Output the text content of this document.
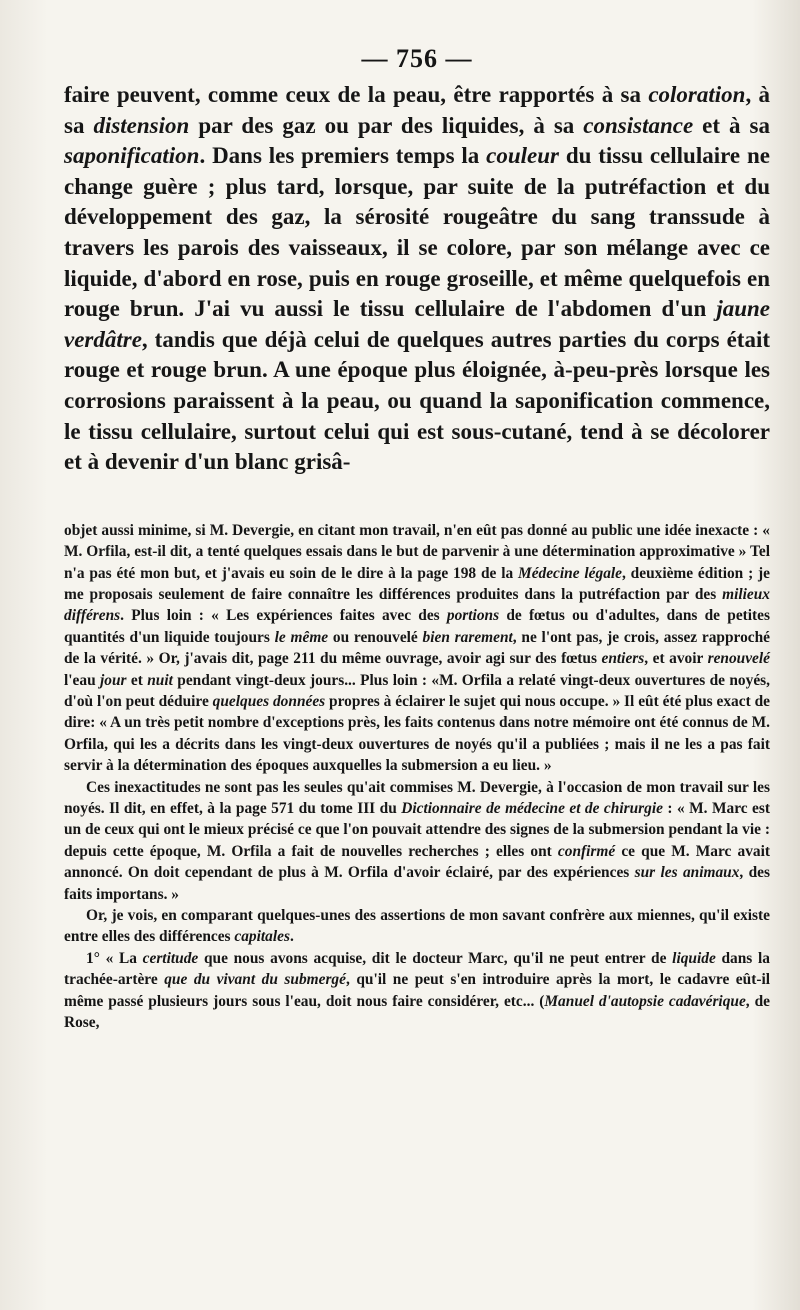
— 756 —

faire peuvent, comme ceux de la peau, être rapportés à sa coloration, à sa distension par des gaz ou par des liquides, à sa consistance et à sa saponification. Dans les premiers temps la couleur du tissu cellulaire ne change guère ; plus tard, lorsque, par suite de la putréfaction et du développement des gaz, la sérosité rougeâtre du sang transsude à travers les parois des vaisseaux, il se colore, par son mélange avec ce liquide, d'abord en rose, puis en rouge groseille, et même quelquefois en rouge brun. J'ai vu aussi le tissu cellulaire de l'abdomen d'un jaune verdâtre, tandis que déjà celui de quelques autres parties du corps était rouge et rouge brun. A une époque plus éloignée, à-peu-près lorsque les corrosions paraissent à la peau, ou quand la saponification commence, le tissu cellulaire, surtout celui qui est sous-cutané, tend à se décolorer et à devenir d'un blanc grisâ-

objet aussi minime, si M. Devergie, en citant mon travail, n'en eût pas donné au public une idée inexacte : « M. Orfila, est-il dit, a tenté quelques essais dans le but de parvenir à une détermination approximative » Tel n'a pas été mon but, et j'avais eu soin de le dire à la page 198 de la Médecine légale, deuxième édition ; je me proposais seulement de faire connaître les différences produites dans la putréfaction par des milieux différens. Plus loin : « Les expériences faites avec des portions de fœtus ou d'adultes, dans de petites quantités d'un liquide toujours le même ou renouvelé bien rarement, ne l'ont pas, je crois, assez rapproché de la vérité. » Or, j'avais dit, page 211 du même ouvrage, avoir agi sur des fœtus entiers, et avoir renouvelé l'eau jour et nuit pendant vingt-deux jours... Plus loin : «M. Orfila a relaté vingt-deux ouvertures de noyés, d'où l'on peut déduire quelques données propres à éclairer le sujet qui nous occupe. » Il eût été plus exact de dire: « A un très petit nombre d'exceptions près, les faits contenus dans notre mémoire ont été connus de M. Orfila, qui les a décrits dans les vingt-deux ouvertures de noyés qu'il a publiées ; mais il ne les a pas fait servir à la détermination des époques auxquelles la submersion a eu lieu. »

Ces inexactitudes ne sont pas les seules qu'ait commises M. Devergie, à l'occasion de mon travail sur les noyés. Il dit, en effet, à la page 571 du tome III du Dictionnaire de médecine et de chirurgie : « M. Marc est un de ceux qui ont le mieux précisé ce que l'on pouvait attendre des signes de la submersion pendant la vie : depuis cette époque, M. Orfila a fait de nouvelles recherches ; elles ont confirmé ce que M. Marc avait annoncé. On doit cependant de plus à M. Orfila d'avoir éclairé, par des expériences sur les animaux, des faits importans. »

Or, je vois, en comparant quelques-unes des assertions de mon savant confrère aux miennes, qu'il existe entre elles des différences capitales.

1° « La certitude que nous avons acquise, dit le docteur Marc, qu'il ne peut entrer de liquide dans la trachée-artère que du vivant du submergé, qu'il ne peut s'en introduire après la mort, le cadavre eût-il même passé plusieurs jours sous l'eau, doit nous faire considérer, etc... (Manuel d'autopsie cadavérique, de Rose,
